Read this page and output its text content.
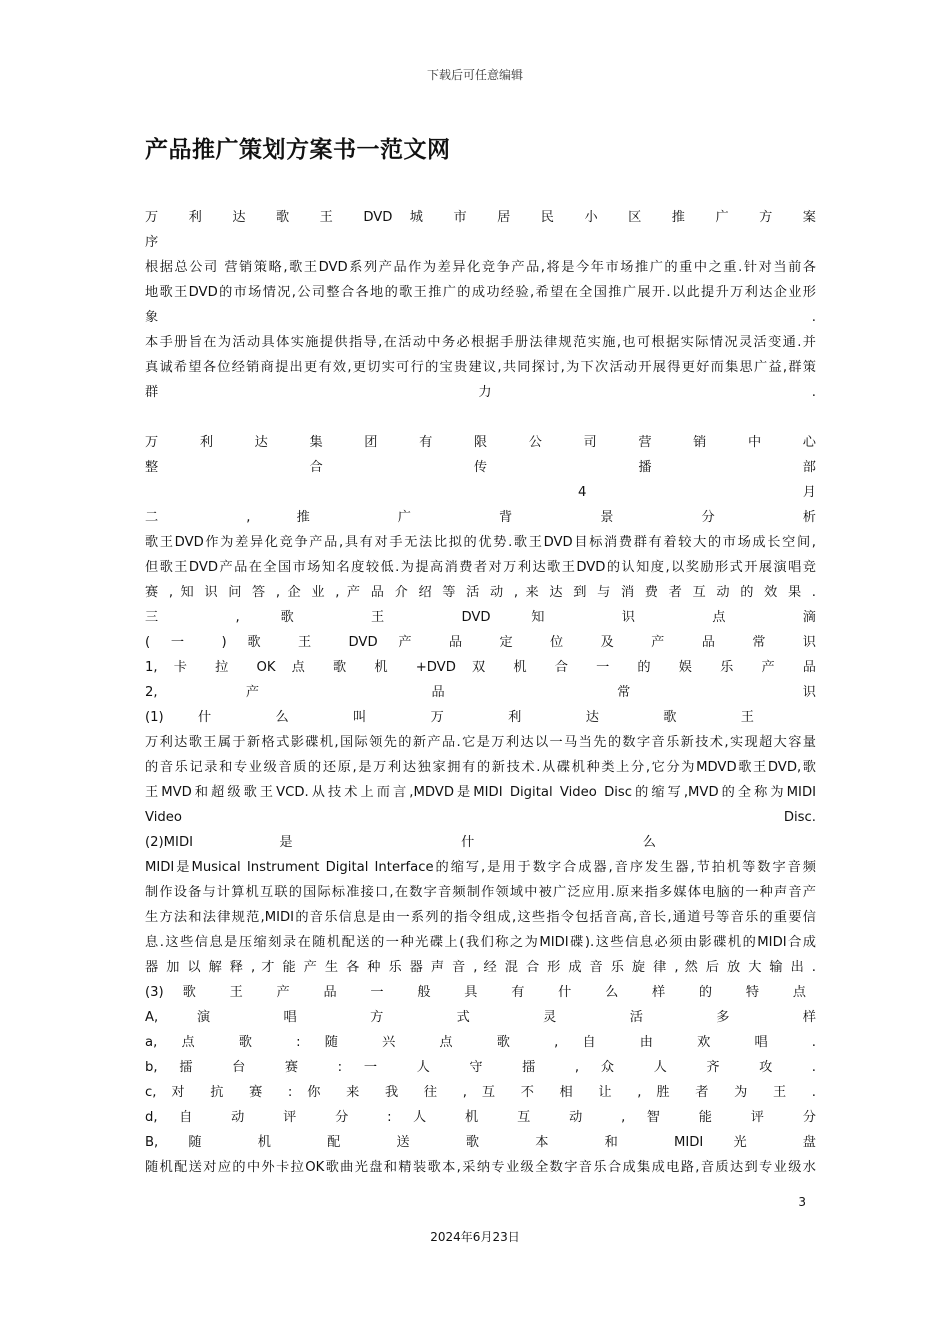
下载后可任意编辑
产品推广策划方案书一范文网

万 利 达 歌 王 DVD 城 市 居 民 小 区 推 广 方 案

序

根据总公司 营销策略,歌王DVD系列产品作为差异化竞争产品,将是今年市场推广的重中之重.针对当前各

地歌王DVD的市场情况,公司整合各地的歌王推广的成功经验,希望在全国推广展开.以此提升万利达企业形

象 .

本手册旨在为活动具体实施提供指导,在活动中务必根据手册法律规范实施,也可根据实际情况灵活变通.并

真诚希望各位经销商提出更有效,更切实可行的宝贵建议,共同探讨,为下次活动开展得更好而集思广益,群策

群 力 .

万 利 达 集 团 有 限 公 司 营 销 中 心

整 合 传 播 部

4 月

二 , 推 广 背 景 分 析

歌王DVD作为差异化竞争产品,具有对手无法比拟的优势.歌王DVD目标消费群有着较大的市场成长空间,

但歌王DVD产品在全国市场知名度较低.为提高消费者对万利达歌王DVD的认知度,以奖励形式开展演唱竞

赛 , 知 识 问 答 , 企 业 , 产 品 介 绍 等 活 动 , 来 达 到 与 消 费 者 互 动 的 效 果 .

三 , 歌 王 DVD 知 识 点 滴

( 一 ) 歌 王 DVD 产 品 定 位 及 产 品 常 识

1, 卡 拉 OK 点 歌 机 +DVD 双 机 合 一 的 娱 乐 产 品

2, 产 品 常 识

(1) 什 么 叫 万 利 达 歌 王

万利达歌王属于新格式影碟机,国际领先的新产品.它是万利达以一马当先的数字音乐新技术,实现超大容量

的音乐记录和专业级音质的还原,是万利达独家拥有的新技术.从碟机种类上分,它分为MDVD歌王DVD,歌

王MVD和超级歌王VCD.从技术上而言,MDVD是MIDI Digital Video Disc的缩写,MVD的全称为MIDI

Video Disc.

(2)MIDI 是 什 么

MIDI是Musical Instrument Digital Interface的缩写,是用于数字合成器,音序发生器,节拍机等数字音频

制作设备与计算机互联的国际标准接口,在数字音频制作领域中被广泛应用.原来指多媒体电脑的一种声音产

生方法和法律规范,MIDI的音乐信息是由一系列的指令组成,这些指令包括音高,音长,通道号等音乐的重要信

息.这些信息是压缩刻录在随机配送的一种光碟上(我们称之为MIDI碟).这些信息必须由影碟机的MIDI合成

器 加 以 解 释 , 才 能 产 生 各 种 乐 器 声 音 , 经 混 合 形 成 音 乐 旋 律 , 然 后 放 大 输 出 .

(3) 歌 王 产 品 一 般 具 有 什 么 样 的 特 点

A, 演 唱 方 式 灵 活 多 样

a, 点 歌 : 随 兴 点 歌 , 自 由 欢 唱 .

b, 擂 台 赛 : 一 人 守 擂 , 众 人 齐 攻 .

c, 对 抗 赛 : 你 来 我 往 , 互 不 相 让 , 胜 者 为 王 .

d, 自 动 评 分 : 人 机 互 动 , 智 能 评 分

B, 随 机 配 送 歌 本 和 MIDI 光 盘

随机配送对应的中外卡拉OK歌曲光盘和精装歌本,采纳专业级全数字音乐合成集成电路,音质达到专业级水

3
2024年6月23日
